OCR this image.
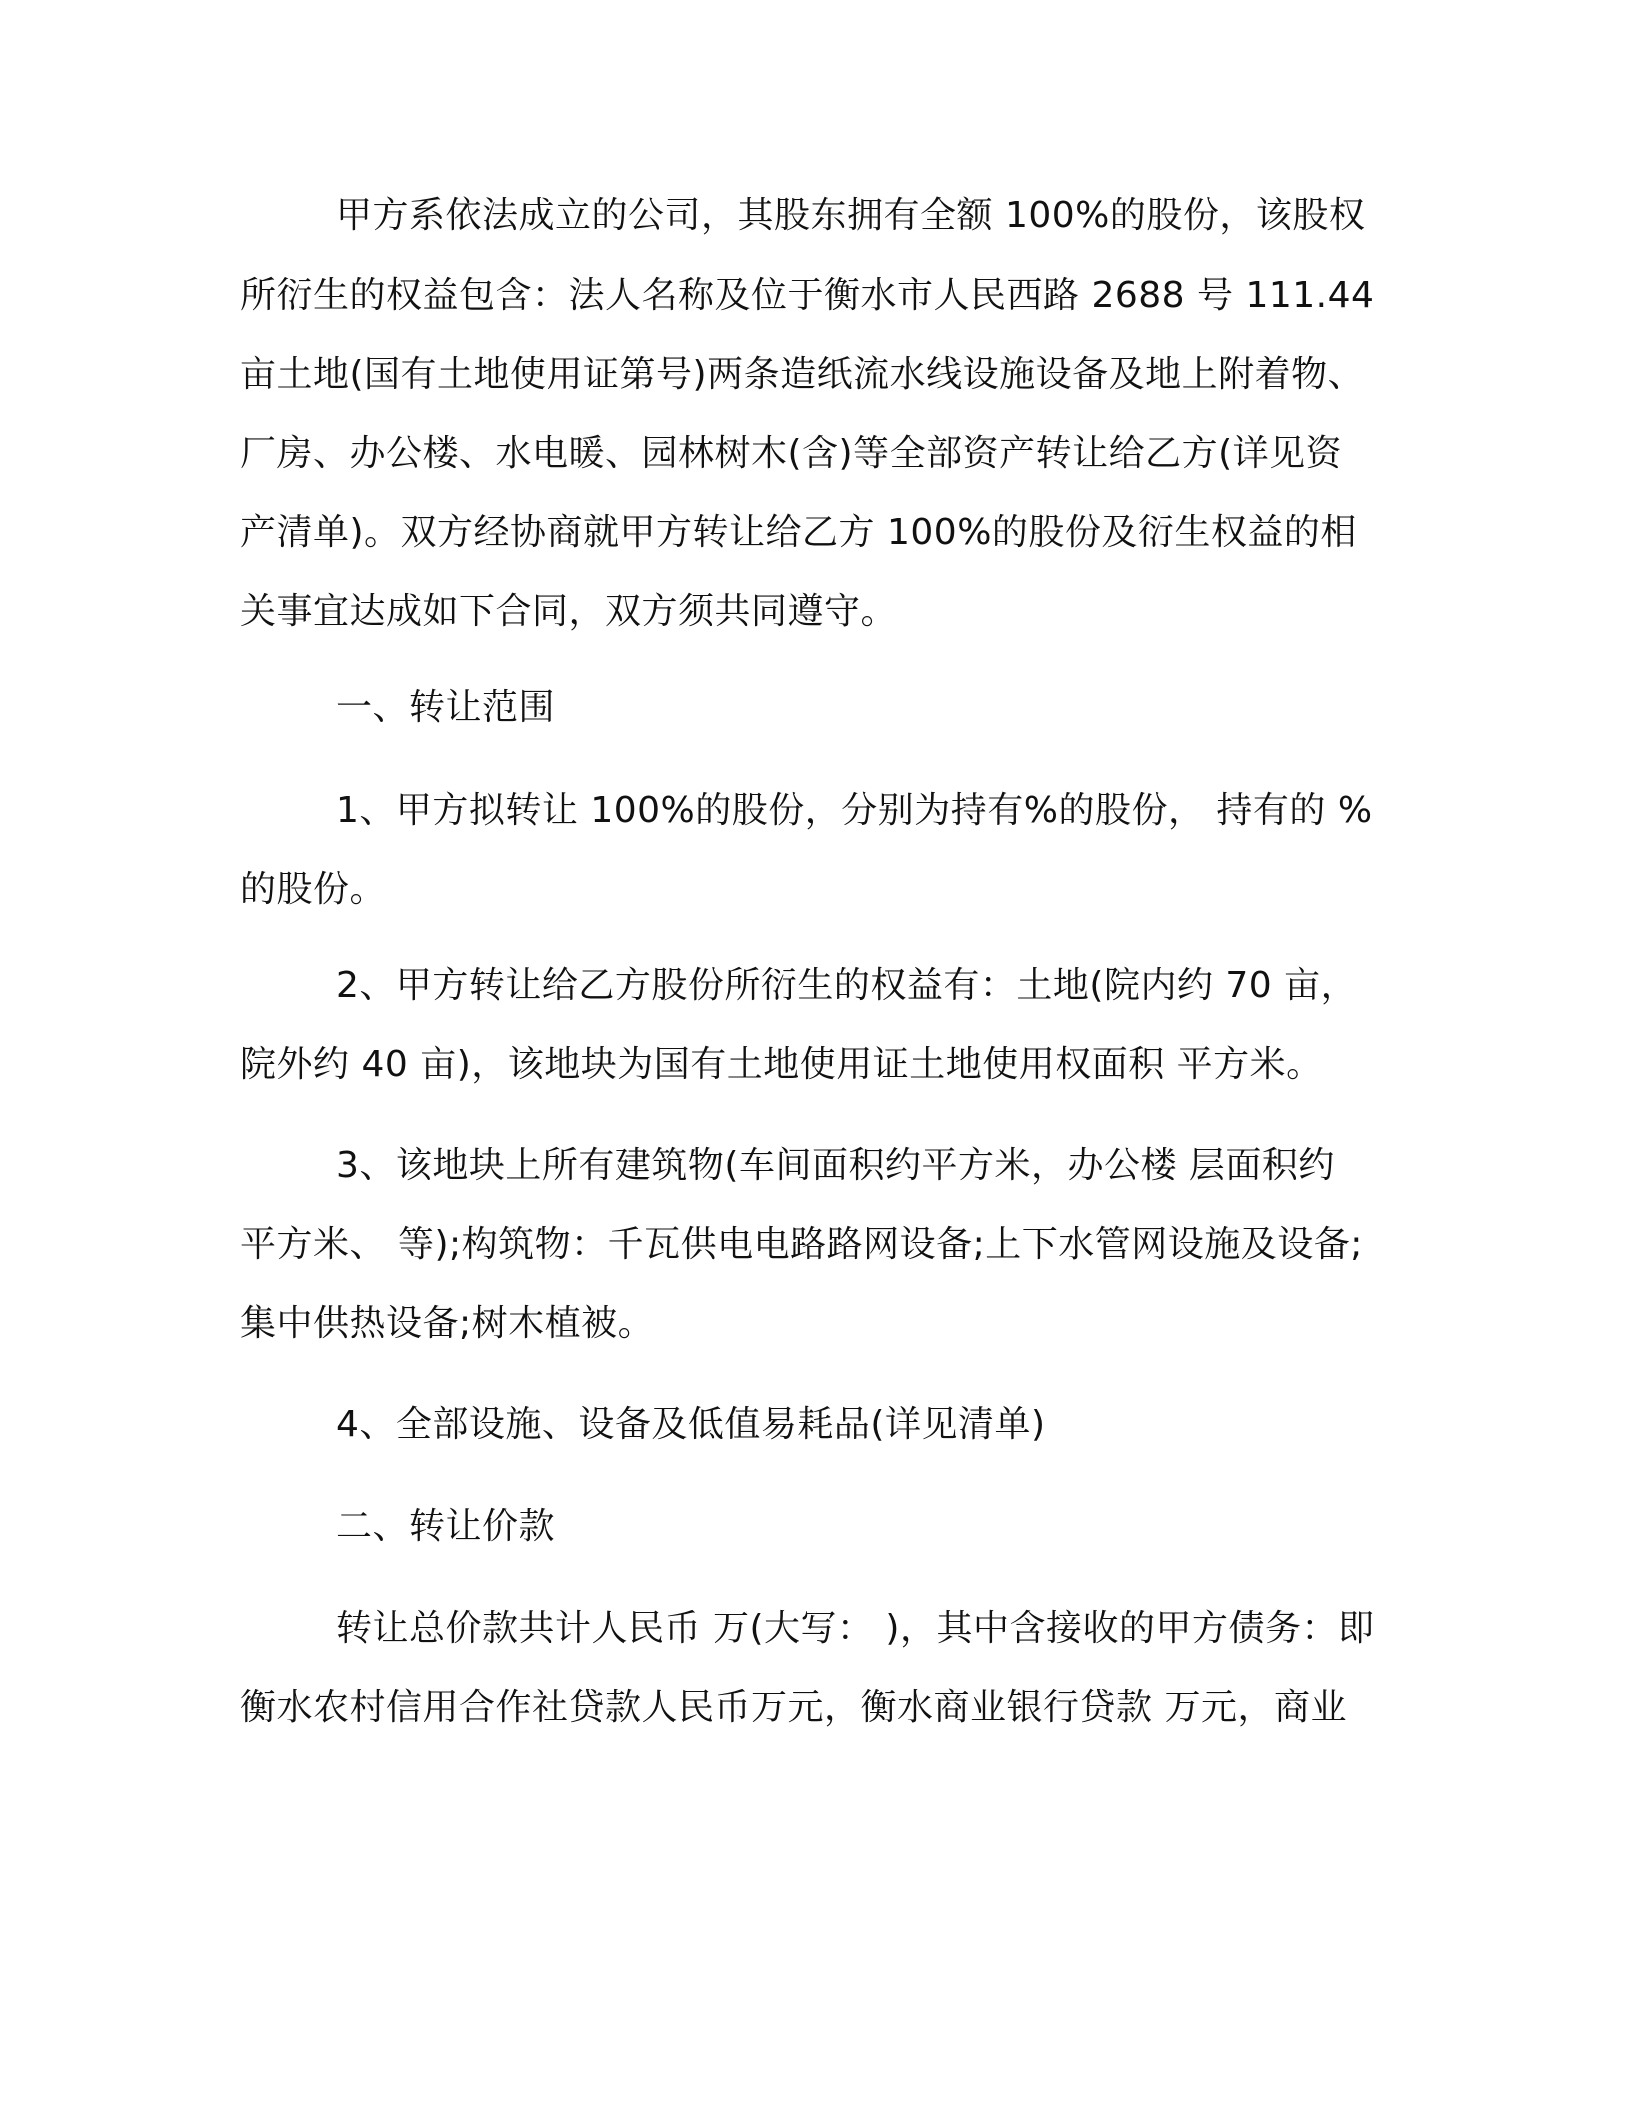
甲方系依法成立的公司，其股东拥有全额 100%的股份，该股权
所衍生的权益包含：法人名称及位于衡水市人民西路 2688 号 111.44
亩土地(国有土地使用证第号)两条造纸流水线设施设备及地上附着物、
厂房、办公楼、水电暖、园林树木(含)等全部资产转让给乙方(详见资
产清单)。双方经协商就甲方转让给乙方 100%的股份及衍生权益的相
关事宜达成如下合同，双方须共同遵守。
一、转让范围
1、甲方拟转让 100%的股份，分别为持有%的股份， 持有的 %
的股份。
2、甲方转让给乙方股份所衍生的权益有：土地(院内约 70 亩，
院外约 40 亩)，该地块为国有土地使用证土地使用权面积 平方米。
3、该地块上所有建筑物(车间面积约平方米，办公楼 层面积约
平方米、 等);构筑物：千瓦供电电路路网设备;上下水管网设施及设备;
集中供热设备;树木植被。
4、全部设施、设备及低值易耗品(详见清单)
二、转让价款
转让总价款共计人民币 万(大写： )，其中含接收的甲方债务：即
衡水农村信用合作社贷款人民币万元，衡水商业银行贷款 万元，商业
